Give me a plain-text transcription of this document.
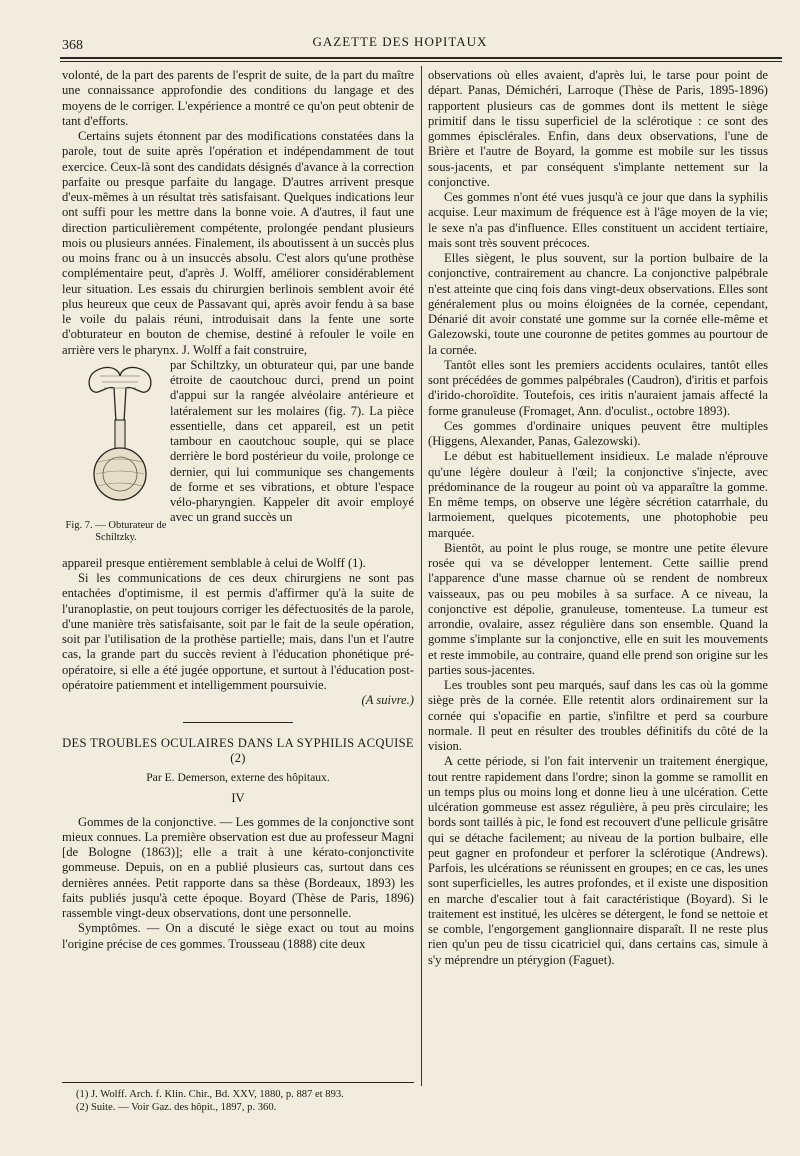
368	GAZETTE DES HOPITAUX

volonté, de la part des parents de l'esprit de suite, de la part du maître une connaissance approfondie des conditions du langage et des moyens de le corriger. L'expérience a montré ce qu'on peut obtenir de tant d'efforts.

Certains sujets étonnent par des modifications constatées dans la parole, tout de suite après l'opération et indépendamment de tout exercice. Ceux-là sont des candidats désignés d'avance à la correction parfaite ou presque parfaite du langage. D'autres arrivent presque d'eux-mêmes à un résultat très satisfaisant. Quelques indications leur ont suffi pour les mettre dans la bonne voie. A d'autres, il faut une direction particulièrement compétente, prolongée pendant plusieurs mois ou plusieurs années. Finalement, ils aboutissent à un succès plus ou moins franc ou à un insuccès absolu. C'est alors qu'une prothèse complémentaire peut, d'après J. Wolff, améliorer considérablement leur situation. Les essais du chirurgien berlinois semblent avoir été plus heureux que ceux de Passavant qui, après avoir fendu à sa base le voile du palais réuni, introduisait dans la fente une sorte d'obturateur en bouton de chemise, destiné à refouler le voile en arrière vers le pharynx. J. Wolff a fait construire,

Fig. 7. — Obturateur de Schiltzky.

par Schiltzky, un obturateur qui, par une bande étroite de caoutchouc durci, prend un point d'appui sur la rangée alvéolaire antérieure et latéralement sur les molaires (fig. 7). La pièce essentielle, dans cet appareil, est un petit tambour en caoutchouc souple, qui se place derrière le bord postérieur du voile, prolonge ce dernier, qui lui communique ses changements de forme et ses vibrations, et obture l'espace vélo-pharyngien. Kappeler dit avoir employé avec un grand succès un

appareil presque entièrement semblable à celui de Wolff (1).

Si les communications de ces deux chirurgiens ne sont pas entachées d'optimisme, il est permis d'affirmer qu'à la suite de l'uranoplastie, on peut toujours corriger les défectuosités de la parole, d'une manière très satisfaisante, soit par le fait de la seule opération, soit par l'utilisation de la prothèse partielle; mais, dans l'un et l'autre cas, la grande part du succès revient à l'éducation phonétique pré-opératoire, si elle a été jugée opportune, et surtout à l'éducation post-opératoire patiemment et intelligemment poursuivie.

(A suivre.)
DES TROUBLES OCULAIRES DANS LA SYPHILIS ACQUISE (2)
Par E. Demerson, externe des hôpitaux.
IV

Gommes de la conjonctive. — Les gommes de la conjonctive sont mieux connues. La première observation est due au professeur Magni [de Bologne (1863)]; elle a trait à une kérato-conjonctivite gommeuse. Depuis, on en a publié plusieurs cas, surtout dans ces dernières années. Petit rapporte dans sa thèse (Bordeaux, 1893) les faits publiés jusqu'à cette époque. Boyard (Thèse de Paris, 1896) rassemble vingt-deux observations, dont une personnelle.

Symptômes. — On a discuté le siège exact ou tout au moins l'origine précise de ces gommes. Trousseau (1888) cite deux

(1) J. Wolff. Arch. f. Klin. Chir., Bd. XXV, 1880, p. 887 et 893.
(2) Suite. — Voir Gaz. des hôpit., 1897, p. 360.

observations où elles avaient, d'après lui, le tarse pour point de départ. Panas, Démichéri, Larroque (Thèse de Paris, 1895-1896) rapportent plusieurs cas de gommes dont ils mettent le siège primitif dans le tissu superficiel de la sclérotique : ce sont des gommes épisclérales. Enfin, dans deux observations, l'une de Brière et l'autre de Boyard, la gomme est mobile sur les tissus sous-jacents, et par conséquent s'implante nettement sur la conjonctive.

Ces gommes n'ont été vues jusqu'à ce jour que dans la syphilis acquise. Leur maximum de fréquence est à l'âge moyen de la vie; le sexe n'a pas d'influence. Elles constituent un accident tertiaire, mais sont très souvent précoces.

Elles siègent, le plus souvent, sur la portion bulbaire de la conjonctive, contrairement au chancre. La conjonctive palpébrale n'est atteinte que cinq fois dans vingt-deux observations. Elles sont généralement plus ou moins éloignées de la cornée, cependant, Dénarié dit avoir constaté une gomme sur la cornée elle-même et Galezowski, toute une couronne de petites gommes au pourtour de la cornée.

Tantôt elles sont les premiers accidents oculaires, tantôt elles sont précédées de gommes palpébrales (Caudron), d'iritis et parfois d'irido-choroïdite. Toutefois, ces iritis n'auraient jamais affecté la forme granuleuse (Fromaget, Ann. d'oculist., octobre 1893).

Ces gommes d'ordinaire uniques peuvent être multiples (Higgens, Alexander, Panas, Galezowski).

Le début est habituellement insidieux. Le malade n'éprouve qu'une légère douleur à l'œil; la conjonctive s'injecte, avec prédominance de la rougeur au point où va apparaître la gomme. En même temps, on observe une légère sécrétion catarrhale, du larmoiement, quelques picotements, une photophobie peu marquée.

Bientôt, au point le plus rouge, se montre une petite élevure rosée qui va se développer lentement. Cette saillie prend l'apparence d'une masse charnue où se rendent de nombreux vaisseaux, pas ou peu mobiles à sa surface. A ce niveau, la conjonctive est dépolie, granuleuse, tomenteuse. La tumeur est arrondie, ovalaire, assez régulière dans son ensemble. Quand la gomme s'implante sur la conjonctive, elle en suit les mouvements et reste immobile, au contraire, quand elle prend son origine sur les parties sous-jacentes.

Les troubles sont peu marqués, sauf dans les cas où la gomme siège près de la cornée. Elle retentit alors ordinairement sur la cornée qui s'opacifie en partie, s'infiltre et perd sa courbure normale. Il peut en résulter des troubles définitifs du côté de la vision.

A cette période, si l'on fait intervenir un traitement énergique, tout rentre rapidement dans l'ordre; sinon la gomme se ramollit en un temps plus ou moins long et donne lieu à une ulcération. Cette ulcération gommeuse est assez régulière, à peu près circulaire; les bords sont taillés à pic, le fond est recouvert d'une pellicule grisâtre qui se détache facilement; au niveau de la portion bulbaire, elle peut gagner en profondeur et perforer la sclérotique (Andrews). Parfois, les ulcérations se réunissent en groupes; en ce cas, les unes sont superficielles, les autres profondes, et il existe une disposition en marche d'escalier tout à fait caractéristique (Boyard). Si le traitement est institué, les ulcères se détergent, le fond se nettoie et se comble, l'engorgement ganglionnaire disparaît. Il ne reste plus rien qu'un peu de tissu cicatriciel qui, dans certains cas, simule à s'y méprendre un ptérygion (Faguet).
